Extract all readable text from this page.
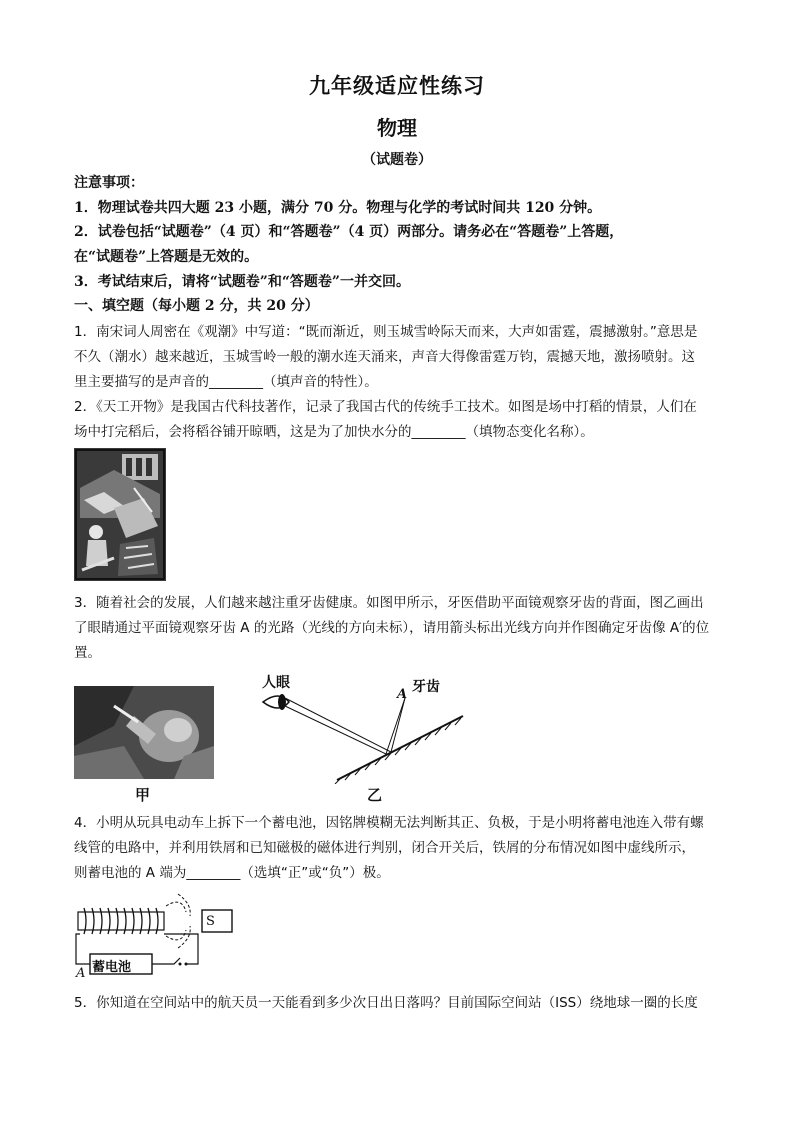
九年级适应性练习
物理
（试题卷）
注意事项：
1．物理试卷共四大题 23 小题，满分 70 分。物理与化学的考试时间共 120 分钟。
2．试卷包括“试题卷”（4 页）和“答题卷”（4 页）两部分。请务必在“答题卷”上答题，
在“试题卷”上答题是无效的。
3．考试结束后，请将“试题卷”和“答题卷”一并交回。
一、填空题（每小题 2 分，共 20 分）
1．南宋词人周密在《观潮》中写道：“既而渐近，则玉城雪岭际天而来，大声如雷霆，震撼激射。”意思是
不久（潮水）越来越近，玉城雪岭一般的潮水连天涌来，声音大得像雷霆万钧，震撼天地，激扬喷射。这
里主要描写的是声音的________（填声音的特性）。
2．《天工开物》是我国古代科技著作，记录了我国古代的传统手工技术。如图是场中打稻的情景，人们在
场中打完稻后，会将稻谷铺开晾晒，这是为了加快水分的________（填物态变化名称）。
3．随着社会的发展，人们越来越注重牙齿健康。如图甲所示，牙医借助平面镜观察牙齿的背面，图乙画出
了眼睛通过平面镜观察牙齿 A 的光路（光线的方向未标），请用箭头标出光线方向并作图确定牙齿像 A′的位
置。
甲
人眼	牙齿
A
乙
4．小明从玩具电动车上拆下一个蓄电池，因铭牌模糊无法判断其正、负极，于是小明将蓄电池连入带有螺
线管的电路中，并利用铁屑和已知磁极的磁体进行判别，闭合开关后，铁屑的分布情况如图中虚线所示，
则蓄电池的 A 端为________（选填“正”或“负”）极。
蓄电池
S
A
5．你知道在空间站中的航天员一天能看到多少次日出日落吗？目前国际空间站（ISS）绕地球一圈的长度
